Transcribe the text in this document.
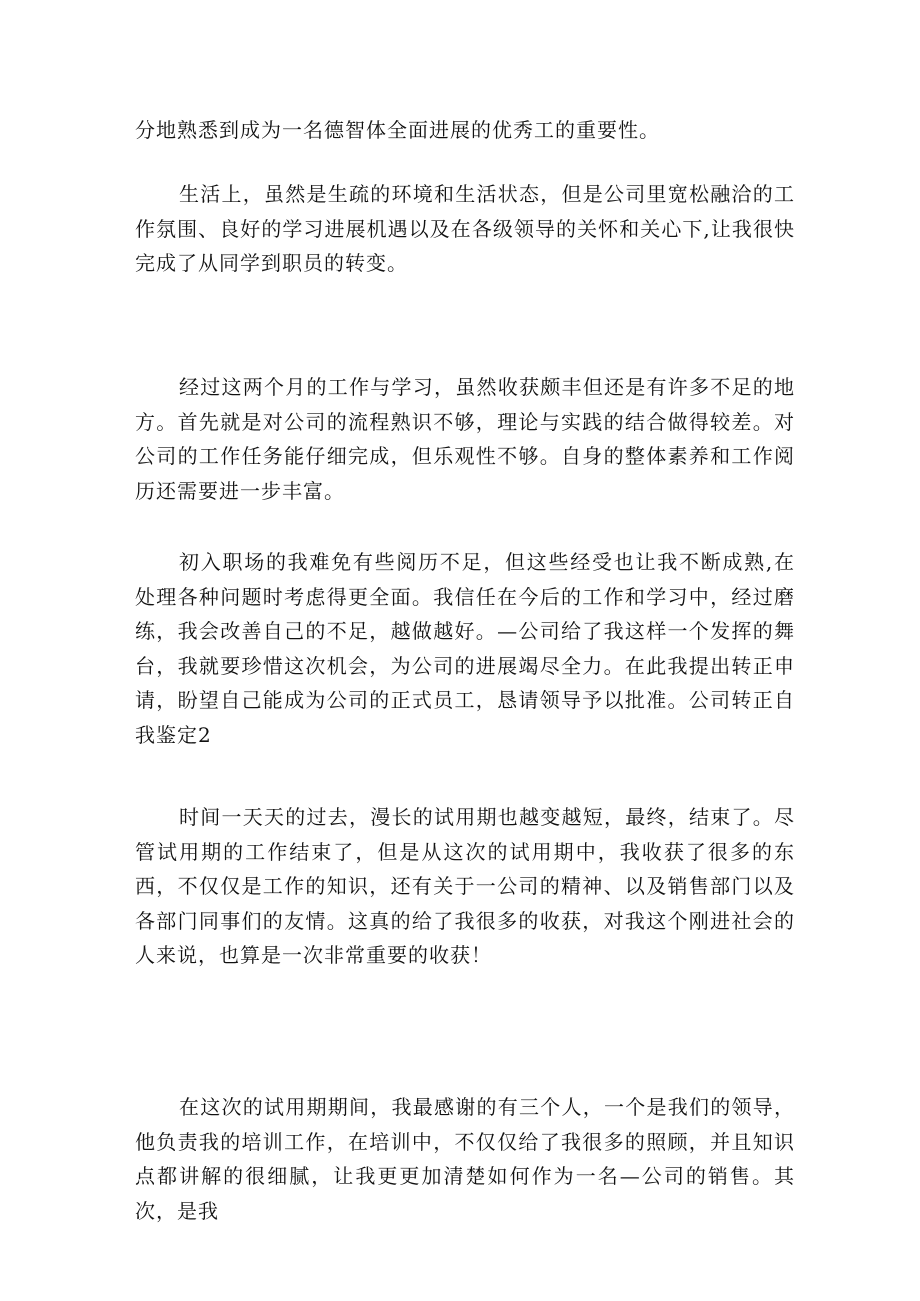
分地熟悉到成为一名德智体全面进展的优秀工的重要性。

生活上，虽然是生疏的环境和生活状态，但是公司里宽松融洽的工作氛围、良好的学习进展机遇以及在各级领导的关怀和关心下,让我很快完成了从同学到职员的转变。

经过这两个月的工作与学习，虽然收获颇丰但还是有许多不足的地方。首先就是对公司的流程熟识不够，理论与实践的结合做得较差。对公司的工作任务能仔细完成，但乐观性不够。自身的整体素养和工作阅历还需要进一步丰富。

初入职场的我难免有些阅历不足，但这些经受也让我不断成熟,在处理各种问题时考虑得更全面。我信任在今后的工作和学习中，经过磨练，我会改善自己的不足，越做越好。—公司给了我这样一个发挥的舞台，我就要珍惜这次机会，为公司的进展竭尽全力。在此我提出转正申请，盼望自己能成为公司的正式员工，恳请领导予以批准。公司转正自我鉴定2

时间一天天的过去，漫长的试用期也越变越短，最终，结束了。尽管试用期的工作结束了，但是从这次的试用期中，我收获了很多的东西，不仅仅是工作的知识，还有关于一公司的精神、以及销售部门以及各部门同事们的友情。这真的给了我很多的收获，对我这个刚进社会的人来说，也算是一次非常重要的收获！

在这次的试用期期间，我最感谢的有三个人，一个是我们的领导，他负责我的培训工作，在培训中，不仅仅给了我很多的照顾，并且知识点都讲解的很细腻，让我更更加清楚如何作为一名—公司的销售。其次，是我
